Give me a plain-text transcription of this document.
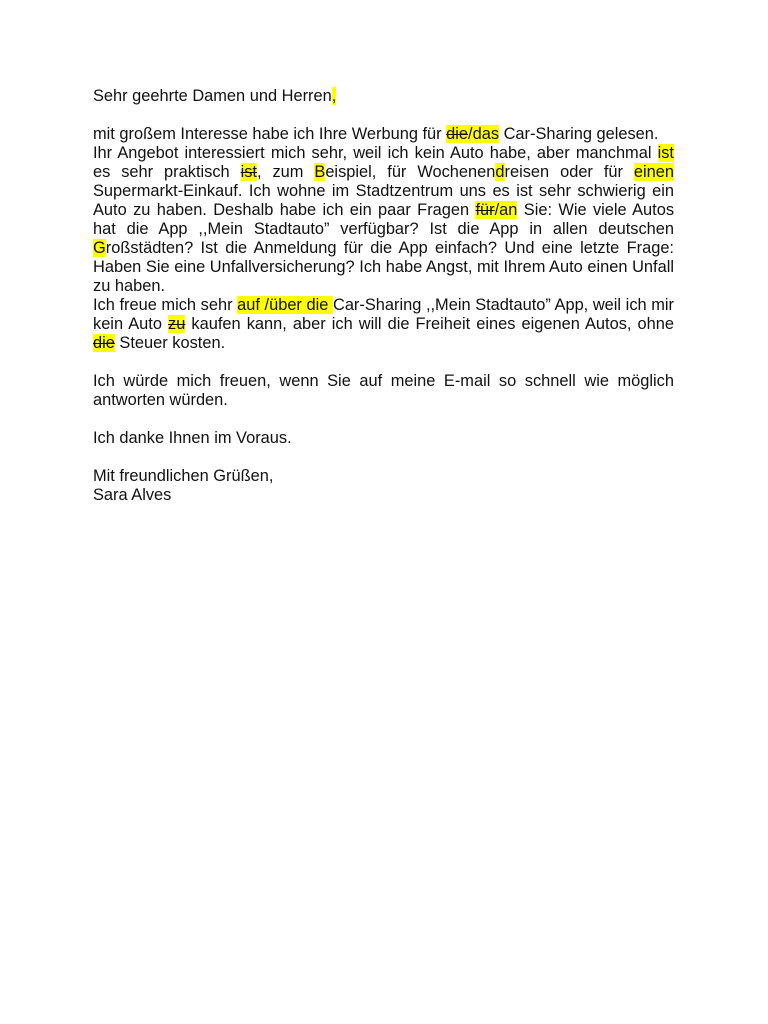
Sehr geehrte Damen und Herren,

mit großem Interesse habe ich Ihre Werbung für die/das Car-Sharing gelesen.

Ihr Angebot interessiert mich sehr, weil ich kein Auto habe, aber manchmal ist es sehr praktisch ist, zum Beispiel, für Wochenendreisen oder für einen Supermarkt-Einkauf. Ich wohne im Stadtzentrum uns es ist sehr schwierig ein Auto zu haben. Deshalb habe ich ein paar Fragen für/an Sie: Wie viele Autos hat die App ,,Mein Stadtauto” verfügbar? Ist die App in allen deutschen Großstädten? Ist die Anmeldung für die App einfach? Und eine letzte Frage: Haben Sie eine Unfallversicherung? Ich habe Angst, mit Ihrem Auto einen Unfall zu haben.

Ich freue mich sehr auf /über die Car-Sharing ,,Mein Stadtauto” App, weil ich mir kein Auto zu kaufen kann, aber ich will die Freiheit eines eigenen Autos, ohne die Steuer kosten.

Ich würde mich freuen, wenn Sie auf meine E-mail so schnell wie möglich antworten würden.

Ich danke Ihnen im Voraus.

Mit freundlichen Grüßen,

Sara Alves
